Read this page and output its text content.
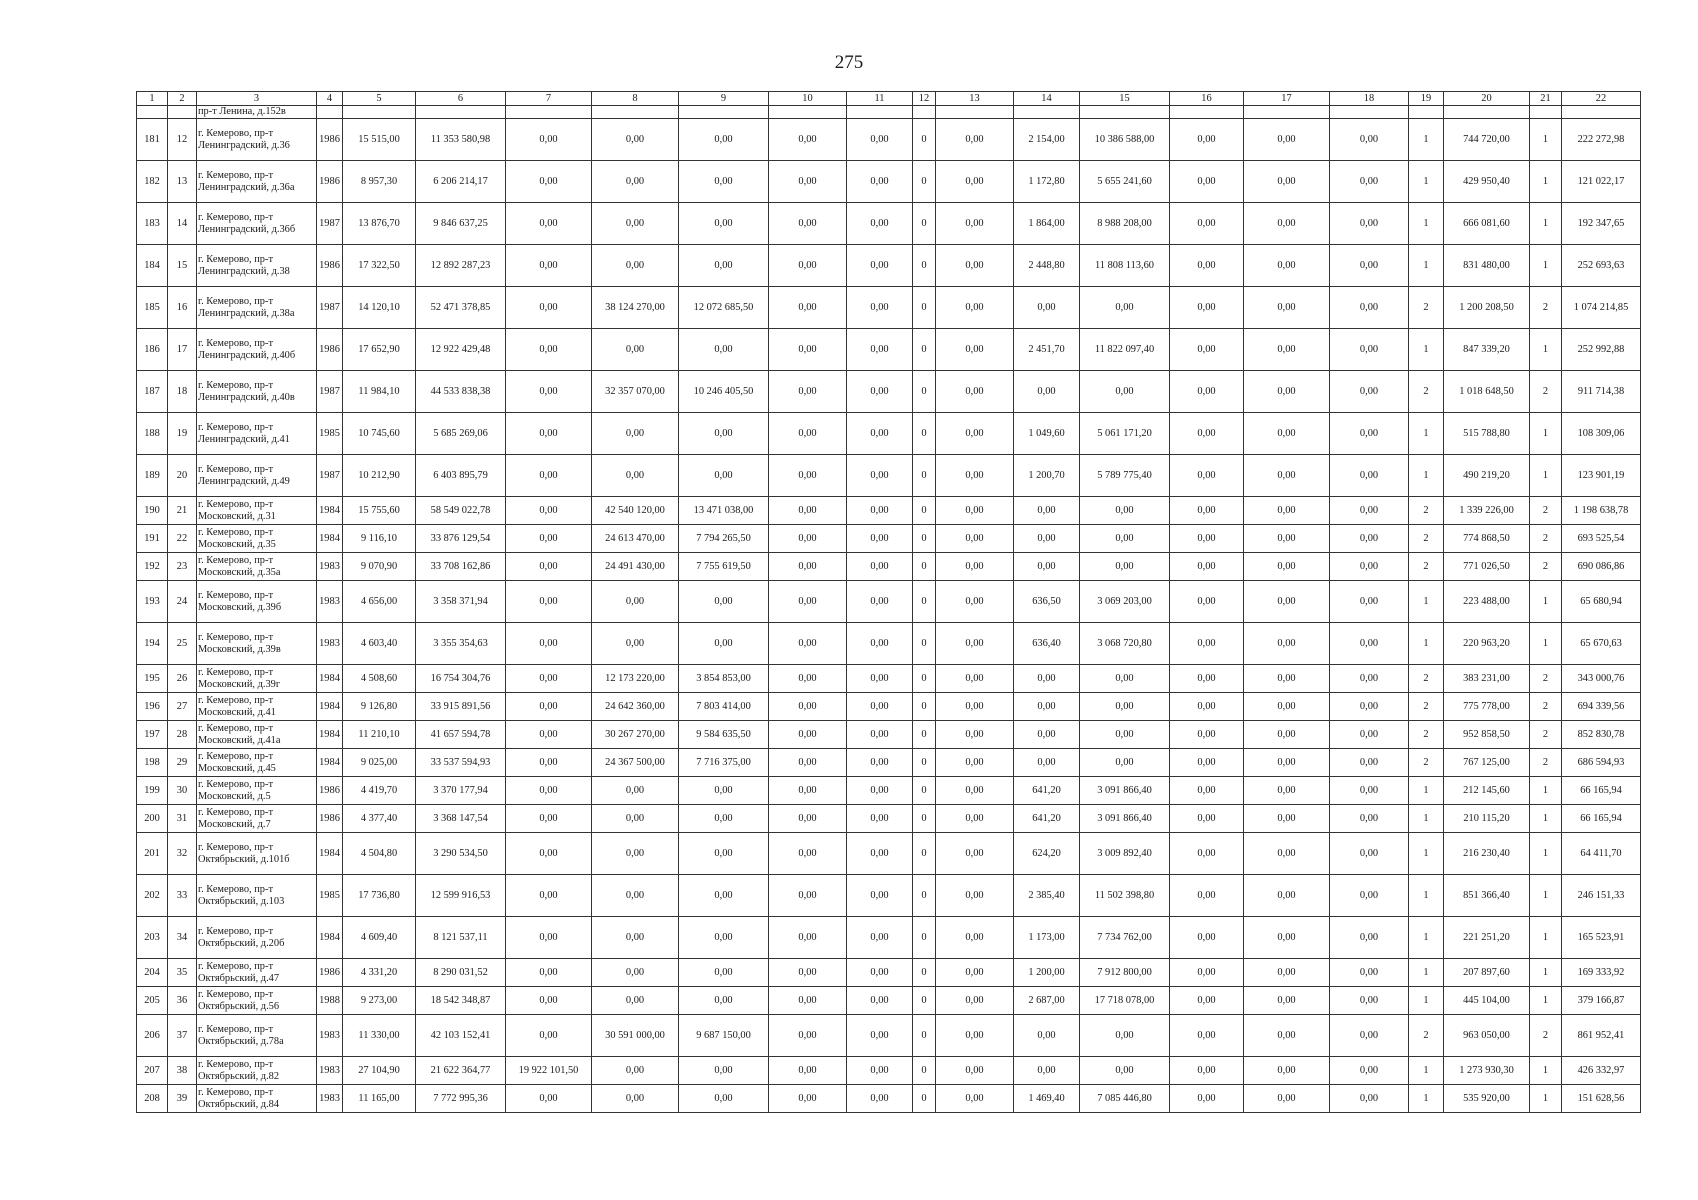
275
1	2	3	4	5	6	7	8	9	10	11	12	13	14	15	16	17	18	19	20	21	22
		пр-т Ленина, д.152в																			
181	12	г. Кемерово, пр-т Ленинградский, д.36	1986	15 515,00	11 353 580,98	0,00	0,00	0,00	0,00	0,00	0	0,00	2 154,00	10 386 588,00	0,00	0,00	0,00	1	744 720,00	1	222 272,98
182	13	г. Кемерово, пр-т Ленинградский, д.36а	1986	8 957,30	6 206 214,17	0,00	0,00	0,00	0,00	0,00	0	0,00	1 172,80	5 655 241,60	0,00	0,00	0,00	1	429 950,40	1	121 022,17
183	14	г. Кемерово, пр-т Ленинградский, д.36б	1987	13 876,70	9 846 637,25	0,00	0,00	0,00	0,00	0,00	0	0,00	1 864,00	8 988 208,00	0,00	0,00	0,00	1	666 081,60	1	192 347,65
184	15	г. Кемерово, пр-т Ленинградский, д.38	1986	17 322,50	12 892 287,23	0,00	0,00	0,00	0,00	0,00	0	0,00	2 448,80	11 808 113,60	0,00	0,00	0,00	1	831 480,00	1	252 693,63
185	16	г. Кемерово, пр-т Ленинградский, д.38а	1987	14 120,10	52 471 378,85	0,00	38 124 270,00	12 072 685,50	0,00	0,00	0	0,00	0,00	0,00	0,00	0,00	0,00	2	1 200 208,50	2	1 074 214,85
186	17	г. Кемерово, пр-т Ленинградский, д.40б	1986	17 652,90	12 922 429,48	0,00	0,00	0,00	0,00	0,00	0	0,00	2 451,70	11 822 097,40	0,00	0,00	0,00	1	847 339,20	1	252 992,88
187	18	г. Кемерово, пр-т Ленинградский, д.40в	1987	11 984,10	44 533 838,38	0,00	32 357 070,00	10 246 405,50	0,00	0,00	0	0,00	0,00	0,00	0,00	0,00	0,00	2	1 018 648,50	2	911 714,38
188	19	г. Кемерово, пр-т Ленинградский, д.41	1985	10 745,60	5 685 269,06	0,00	0,00	0,00	0,00	0,00	0	0,00	1 049,60	5 061 171,20	0,00	0,00	0,00	1	515 788,80	1	108 309,06
189	20	г. Кемерово, пр-т Ленинградский, д.49	1987	10 212,90	6 403 895,79	0,00	0,00	0,00	0,00	0,00	0	0,00	1 200,70	5 789 775,40	0,00	0,00	0,00	1	490 219,20	1	123 901,19
190	21	г. Кемерово, пр-т Московский, д.31	1984	15 755,60	58 549 022,78	0,00	42 540 120,00	13 471 038,00	0,00	0,00	0	0,00	0,00	0,00	0,00	0,00	0,00	2	1 339 226,00	2	1 198 638,78
191	22	г. Кемерово, пр-т Московский, д.35	1984	9 116,10	33 876 129,54	0,00	24 613 470,00	7 794 265,50	0,00	0,00	0	0,00	0,00	0,00	0,00	0,00	0,00	2	774 868,50	2	693 525,54
192	23	г. Кемерово, пр-т Московский, д.35а	1983	9 070,90	33 708 162,86	0,00	24 491 430,00	7 755 619,50	0,00	0,00	0	0,00	0,00	0,00	0,00	0,00	0,00	2	771 026,50	2	690 086,86
193	24	г. Кемерово, пр-т Московский, д.39б	1983	4 656,00	3 358 371,94	0,00	0,00	0,00	0,00	0,00	0	0,00	636,50	3 069 203,00	0,00	0,00	0,00	1	223 488,00	1	65 680,94
194	25	г. Кемерово, пр-т Московский, д.39в	1983	4 603,40	3 355 354,63	0,00	0,00	0,00	0,00	0,00	0	0,00	636,40	3 068 720,80	0,00	0,00	0,00	1	220 963,20	1	65 670,63
195	26	г. Кемерово, пр-т Московский, д.39г	1984	4 508,60	16 754 304,76	0,00	12 173 220,00	3 854 853,00	0,00	0,00	0	0,00	0,00	0,00	0,00	0,00	0,00	2	383 231,00	2	343 000,76
196	27	г. Кемерово, пр-т Московский, д.41	1984	9 126,80	33 915 891,56	0,00	24 642 360,00	7 803 414,00	0,00	0,00	0	0,00	0,00	0,00	0,00	0,00	0,00	2	775 778,00	2	694 339,56
197	28	г. Кемерово, пр-т Московский, д.41а	1984	11 210,10	41 657 594,78	0,00	30 267 270,00	9 584 635,50	0,00	0,00	0	0,00	0,00	0,00	0,00	0,00	0,00	2	952 858,50	2	852 830,78
198	29	г. Кемерово, пр-т Московский, д.45	1984	9 025,00	33 537 594,93	0,00	24 367 500,00	7 716 375,00	0,00	0,00	0	0,00	0,00	0,00	0,00	0,00	0,00	2	767 125,00	2	686 594,93
199	30	г. Кемерово, пр-т Московский, д.5	1986	4 419,70	3 370 177,94	0,00	0,00	0,00	0,00	0,00	0	0,00	641,20	3 091 866,40	0,00	0,00	0,00	1	212 145,60	1	66 165,94
200	31	г. Кемерово, пр-т Московский, д.7	1986	4 377,40	3 368 147,54	0,00	0,00	0,00	0,00	0,00	0	0,00	641,20	3 091 866,40	0,00	0,00	0,00	1	210 115,20	1	66 165,94
201	32	г. Кемерово, пр-т Октябрьский, д.101б	1984	4 504,80	3 290 534,50	0,00	0,00	0,00	0,00	0,00	0	0,00	624,20	3 009 892,40	0,00	0,00	0,00	1	216 230,40	1	64 411,70
202	33	г. Кемерово, пр-т Октябрьский, д.103	1985	17 736,80	12 599 916,53	0,00	0,00	0,00	0,00	0,00	0	0,00	2 385,40	11 502 398,80	0,00	0,00	0,00	1	851 366,40	1	246 151,33
203	34	г. Кемерово, пр-т Октябрьский, д.20б	1984	4 609,40	8 121 537,11	0,00	0,00	0,00	0,00	0,00	0	0,00	1 173,00	7 734 762,00	0,00	0,00	0,00	1	221 251,20	1	165 523,91
204	35	г. Кемерово, пр-т Октябрьский, д.47	1986	4 331,20	8 290 031,52	0,00	0,00	0,00	0,00	0,00	0	0,00	1 200,00	7 912 800,00	0,00	0,00	0,00	1	207 897,60	1	169 333,92
205	36	г. Кемерово, пр-т Октябрьский, д.56	1988	9 273,00	18 542 348,87	0,00	0,00	0,00	0,00	0,00	0	0,00	2 687,00	17 718 078,00	0,00	0,00	0,00	1	445 104,00	1	379 166,87
206	37	г. Кемерово, пр-т Октябрьский, д.78а	1983	11 330,00	42 103 152,41	0,00	30 591 000,00	9 687 150,00	0,00	0,00	0	0,00	0,00	0,00	0,00	0,00	0,00	2	963 050,00	2	861 952,41
207	38	г. Кемерово, пр-т Октябрьский, д.82	1983	27 104,90	21 622 364,77	19 922 101,50	0,00	0,00	0,00	0,00	0	0,00	0,00	0,00	0,00	0,00	0,00	1	1 273 930,30	1	426 332,97
208	39	г. Кемерово, пр-т Октябрьский, д.84	1983	11 165,00	7 772 995,36	0,00	0,00	0,00	0,00	0,00	0	0,00	1 469,40	7 085 446,80	0,00	0,00	0,00	1	535 920,00	1	151 628,56
